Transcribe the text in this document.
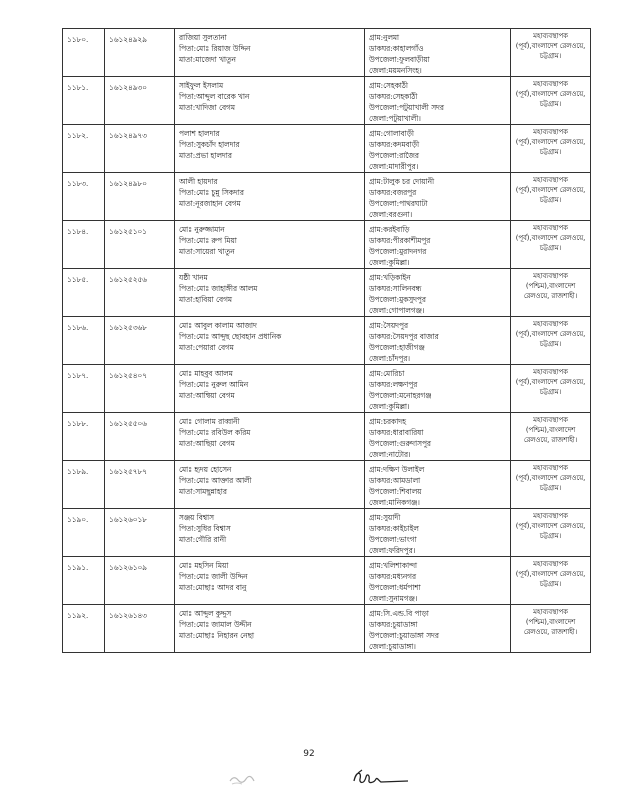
১১৮০.	১৬১২৪৯২৯	রাজিয়া সুলতানা
পিতা:মোঃ রিয়াজ উদ্দিন
মাতা:মাজেদা খাতুন	গ্রাম:নুলমা
ডাকঘর:কাহালগাঁও
উপজেলা:ফুলবাড়ীয়া
জেলা:ময়মনসিংহ।	মহাব্যবস্থাপক (পূর্ব),বাংলাদেশ রেলওয়ে, চট্টগ্রাম।
১১৮১.	১৬১২৪৯৩০	সাইফুল ইসলাম
পিতা:আব্দুল বারেক খান
মাতা:খাদিজা বেগম	গ্রাম:সেহকাঠী
ডাকঘর:সেহকাঠী
উপজেলা:পটুয়াখালী সদর
জেলা:পটুয়াখালী।	মহাব্যবস্থাপক (পূর্ব),বাংলাদেশ রেলওয়ে, চট্টগ্রাম।
১১৮২.	১৬১২৪৯৭৩	পলাশ হালদার
পিতা:সুকচাঁদ হালদার
মাতা:প্রভা হালদার	গ্রাম:গোলাবাড়ী
ডাকঘর:কদমবাড়ী
উপজেলা:রাজৈর
জেলা:মাদারীপুর।	মহাব্যবস্থাপক (পূর্ব),বাংলাদেশ রেলওয়ে, চট্টগ্রাম।
১১৮৩.	১৬১২৪৯৮০	আলী হায়দার
পিতা:মোঃ চুন্নু সিকদার
মাতা:নূরজাহান বেগম	গ্রাম:টালুক চর দোয়ানী
ডাকঘর:বজরপুর
উপজেলা:পাথরঘাটা
জেলা:বরগুনা।	মহাব্যবস্থাপক (পূর্ব),বাংলাদেশ রেলওয়ে, চট্টগ্রাম।
১১৮৪.	১৬১২৫১০১	মোঃ নুরুজ্জামান
পিতা:মোঃ রুপ মিয়া
মাতা:সায়েরা খাতুন	গ্রাম:করইবাড়ি
ডাকঘর:পীরকাশীমপুর
উপজেলা:মুরাদনগর
জেলা:কুমিল্লা।	মহাব্যবস্থাপক (পূর্ব),বাংলাদেশ রেলওয়ে, চট্টগ্রাম।
১১৮৫.	১৬১২৫২৫৬	যষ্ঠী খানম
পিতা:মোঃ জাহাঙ্গীর আলম
মাতা:হাবিয়া বেগম	গ্রাম:খড়িকাইন
ডাকঘর:সালিনবন্ধ
উপজেলা:মুকসুদপুর
জেলা:গোপালগঞ্জ।	মহাব্যবস্থাপক (পশ্চিম),বাংলাদেশ রেলওয়ে, রাজশাহী।
১১৮৬.	১৬১২৫৩৬৮	মোঃ আবুল কালাম আজাদ
পিতা:মোঃ আব্দুছ ছোবহান প্রধানিক
মাতা:পেয়ারা বেগম	গ্রাম:সৈয়দপুর
ডাকঘর:সৈয়দপুর বাজার
উপজেলা:হাজীগঞ্জ
জেলা:চাঁদপুর।	মহাব্যবস্থাপক (পূর্ব),বাংলাদেশ রেলওয়ে, চট্টগ্রাম।
১১৮৭.	১৬১২৫৪০৭	মোঃ মাহবুব আলম
পিতা:মোঃ নুরুল আমিন
মাতা:আম্বিয়া বেগম	গ্রাম:মোরিচা
ডাকঘর:লক্ষণপুর
উপজেলা:মনোহরগঞ্জ
জেলা:কুমিল্লা।	মহাব্যবস্থাপক (পূর্ব),বাংলাদেশ রেলওয়ে, চট্টগ্রাম।
১১৮৮.	১৬১২৫৫০৬	মোঃ গোলাম রাব্বানী
পিতা:মোঃ রবিউল করিম
মাতা:আছিয়া বেগম	গ্রাম:চরকাদহ
ডাকঘর:ধারাবারিষা
উপজেলা:গুরুদাসপুর
জেলা:নাটোর।	মহাব্যবস্থাপক (পশ্চিম),বাংলাদেশ রেলওয়ে, রাজশাহী।
১১৮৯.	১৬১২৫৭৮৭	মোঃ হৃদয় হোসেন
পিতা:মোঃ আক্তার আলী
মাতা:সামছুন্নাহার	গ্রাম:দক্ষিণ উলাইল
ডাকঘর:আমডালা
উপজেলা:শিবালয়
জেলা:মানিকগঞ্জ।	মহাব্যবস্থাপক (পূর্ব),বাংলাদেশ রেলওয়ে, চট্টগ্রাম।
১১৯০.	১৬১২৬০১৮	সঞ্জয় বিশ্বাস
পিতা:সুধির বিশ্বাস
মাতা:গৌরি রানী	গ্রাম:সুয়াদী
ডাকঘর:কাইচাইল
উপজেলা:ভাংগা
জেলা:ফরিদপুর।	মহাব্যবস্থাপক (পূর্ব),বাংলাদেশ রেলওয়ে, চট্টগ্রাম।
১১৯১.	১৬১২৬১০৯	মোঃ মহসিন মিয়া
পিতা:মোঃ জালী উদ্দিন
মাতা:মোছাঃ আদর বানু	গ্রাম:খলিশাকান্দা
ডাকঘর:মধ্যনগর
উপজেলা:ধর্মপাশা
জেলা:সুনামগঞ্জ।	মহাব্যবস্থাপক (পূর্ব),বাংলাদেশ রেলওয়ে, চট্টগ্রাম।
১১৯২.	১৬১২৬১৪৩	মোঃ আব্দুল কুদ্দুস
পিতা:মোঃ জামাল উদ্দীন
মাতা:মোছাঃ নিহারন নেছা	গ্রাম:সি.এন্ড.বি পাড়া
ডাকঘর:চুয়াডাঙ্গা
উপজেলা:চুয়াডাঙ্গা সদর
জেলা:চুয়াডাঙ্গা।	মহাব্যবস্থাপক (পশ্চিম),বাংলাদেশ রেলওয়ে, রাজশাহী।
92
